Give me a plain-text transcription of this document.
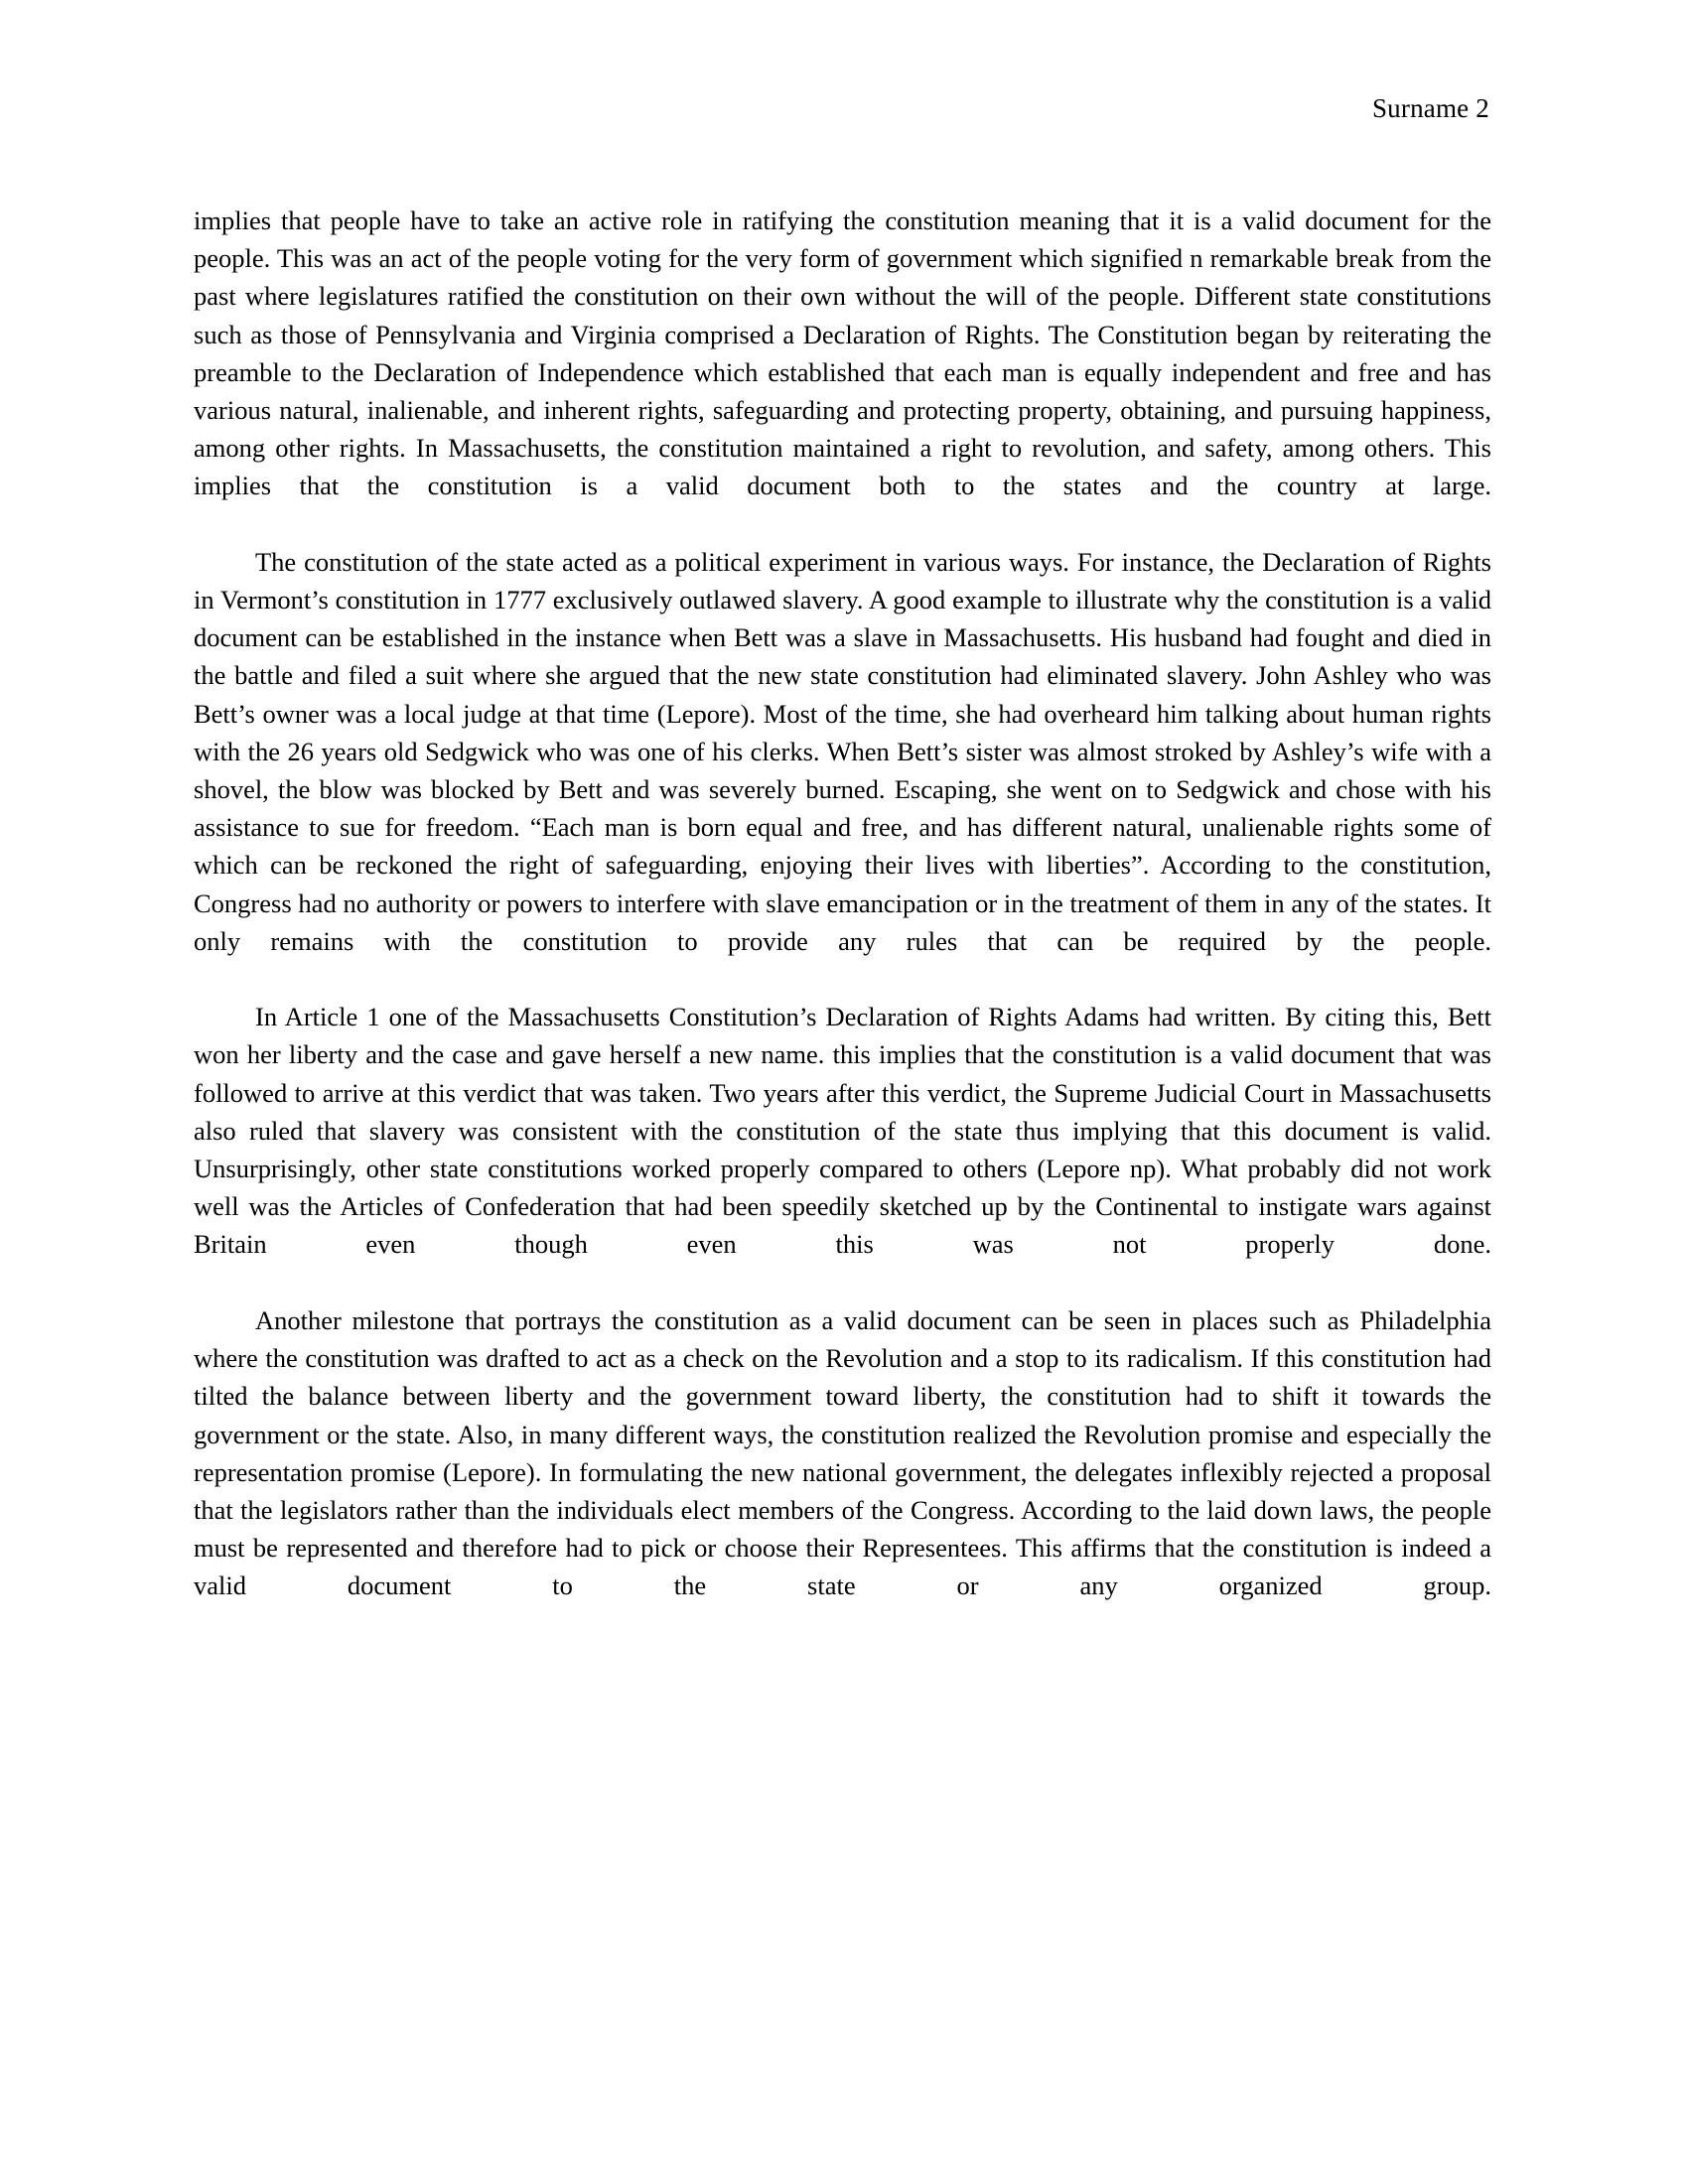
Surname 2

implies that people have to take an active role in ratifying the constitution meaning that it is a valid document for the people. This was an act of the people voting for the very form of government which signified n remarkable break from the past where legislatures ratified the constitution on their own without the will of the people. Different state constitutions such as those of Pennsylvania and Virginia comprised a Declaration of Rights. The Constitution began by reiterating the preamble to the Declaration of Independence which established that each man is equally independent and free and has various natural, inalienable, and inherent rights, safeguarding and protecting property, obtaining, and pursuing happiness, among other rights. In Massachusetts, the constitution maintained a right to revolution, and safety, among others. This implies that the constitution is a valid document both to the states and the country at large.

The constitution of the state acted as a political experiment in various ways. For instance, the Declaration of Rights in Vermont’s constitution in 1777 exclusively outlawed slavery. A good example to illustrate why the constitution is a valid document can be established in the instance when Bett was a slave in Massachusetts. His husband had fought and died in the battle and filed a suit where she argued that the new state constitution had eliminated slavery. John Ashley who was Bett’s owner was a local judge at that time (Lepore). Most of the time, she had overheard him talking about human rights with the 26 years old Sedgwick who was one of his clerks. When Bett’s sister was almost stroked by Ashley’s wife with a shovel, the blow was blocked by Bett and was severely burned. Escaping, she went on to Sedgwick and chose with his assistance to sue for freedom. “Each man is born equal and free, and has different natural, unalienable rights some of which can be reckoned the right of safeguarding, enjoying their lives with liberties”. According to the constitution, Congress had no authority or powers to interfere with slave emancipation or in the treatment of them in any of the states. It only remains with the constitution to provide any rules that can be required by the people.

In Article 1 one of the Massachusetts Constitution’s Declaration of Rights Adams had written. By citing this, Bett won her liberty and the case and gave herself a new name. this implies that the constitution is a valid document that was followed to arrive at this verdict that was taken. Two years after this verdict, the Supreme Judicial Court in Massachusetts also ruled that slavery was consistent with the constitution of the state thus implying that this document is valid. Unsurprisingly, other state constitutions worked properly compared to others (Lepore np). What probably did not work well was the Articles of Confederation that had been speedily sketched up by the Continental to instigate wars against Britain even though even this was not properly done.

Another milestone that portrays the constitution as a valid document can be seen in places such as Philadelphia where the constitution was drafted to act as a check on the Revolution and a stop to its radicalism. If this constitution had tilted the balance between liberty and the government toward liberty, the constitution had to shift it towards the government or the state. Also, in many different ways, the constitution realized the Revolution promise and especially the representation promise (Lepore). In formulating the new national government, the delegates inflexibly rejected a proposal that the legislators rather than the individuals elect members of the Congress. According to the laid down laws, the people must be represented and therefore had to pick or choose their Representees. This affirms that the constitution is indeed a valid document to the state or any organized group.
